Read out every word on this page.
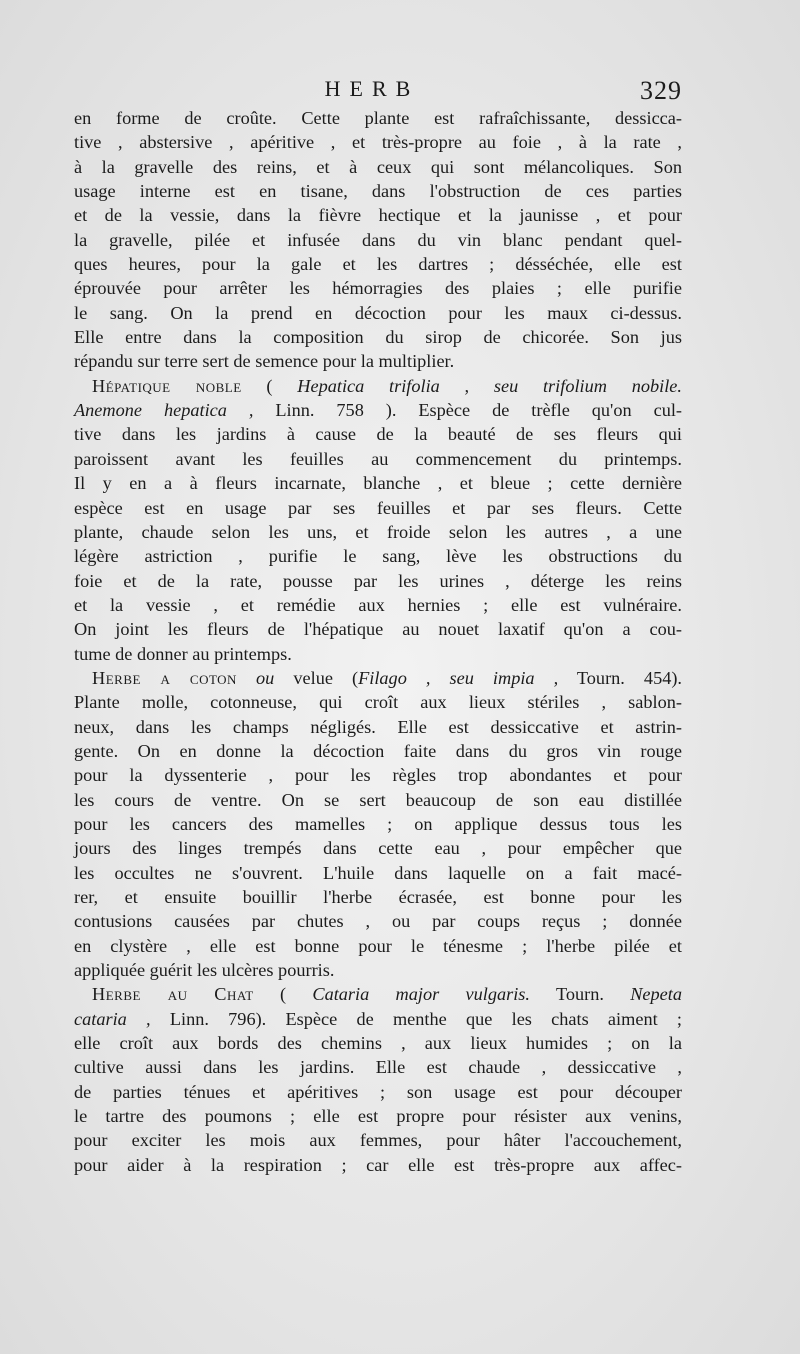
HERB	329
en forme de croûte. Cette plante est rafraîchissante, dessicca-
tive , abstersive , apéritive , et très-propre au foie , à la rate ,
à la gravelle des reins, et à ceux qui sont mélancoliques. Son
usage interne est en tisane, dans l'obstruction de ces parties
et de la vessie, dans la fièvre hectique et la jaunisse , et pour
la gravelle, pilée et infusée dans du vin blanc pendant quel-
ques heures, pour la gale et les dartres ; désséchée, elle est
éprouvée pour arrêter les hémorragies des plaies ; elle purifie
le sang. On la prend en décoction pour les maux ci-dessus.
Elle entre dans la composition du sirop de chicorée. Son jus
répandu sur terre sert de semence pour la multiplier.
Hépatique noble ( Hepatica trifolia , seu trifolium nobile.
Anemone hepatica , Linn. 758 ). Espèce de trèfle qu'on cul-
tive dans les jardins à cause de la beauté de ses fleurs qui
paroissent avant les feuilles au commencement du printemps.
Il y en a à fleurs incarnate, blanche , et bleue ; cette dernière
espèce est en usage par ses feuilles et par ses fleurs. Cette
plante, chaude selon les uns, et froide selon les autres , a une
légère astriction , purifie le sang, lève les obstructions du
foie et de la rate, pousse par les urines , déterge les reins
et la vessie , et remédie aux hernies ; elle est vulnéraire.
On joint les fleurs de l'hépatique au nouet laxatif qu'on a cou-
tume de donner au printemps.
Herbe a coton ou velue (Filago , seu impia , Tourn. 454).
Plante molle, cotonneuse, qui croît aux lieux stériles , sablon-
neux, dans les champs négligés. Elle est dessiccative et astrin-
gente. On en donne la décoction faite dans du gros vin rouge
pour la dyssenterie , pour les règles trop abondantes et pour
les cours de ventre. On se sert beaucoup de son eau distillée
pour les cancers des mamelles ; on applique dessus tous les
jours des linges trempés dans cette eau , pour empêcher que
les occultes ne s'ouvrent. L'huile dans laquelle on a fait macé-
rer, et ensuite bouillir l'herbe écrasée, est bonne pour les
contusions causées par chutes , ou par coups reçus ; donnée
en clystère , elle est bonne pour le ténesme ; l'herbe pilée et
appliquée guérit les ulcères pourris.
Herbe au Chat ( Cataria major vulgaris. Tourn. Nepeta
cataria , Linn. 796). Espèce de menthe que les chats aiment ;
elle croît aux bords des chemins , aux lieux humides ; on la
cultive aussi dans les jardins. Elle est chaude , dessiccative ,
de parties ténues et apéritives ; son usage est pour découper
le tartre des poumons ; elle est propre pour résister aux venins,
pour exciter les mois aux femmes, pour hâter l'accouchement,
pour aider à la respiration ; car elle est très-propre aux affec-
